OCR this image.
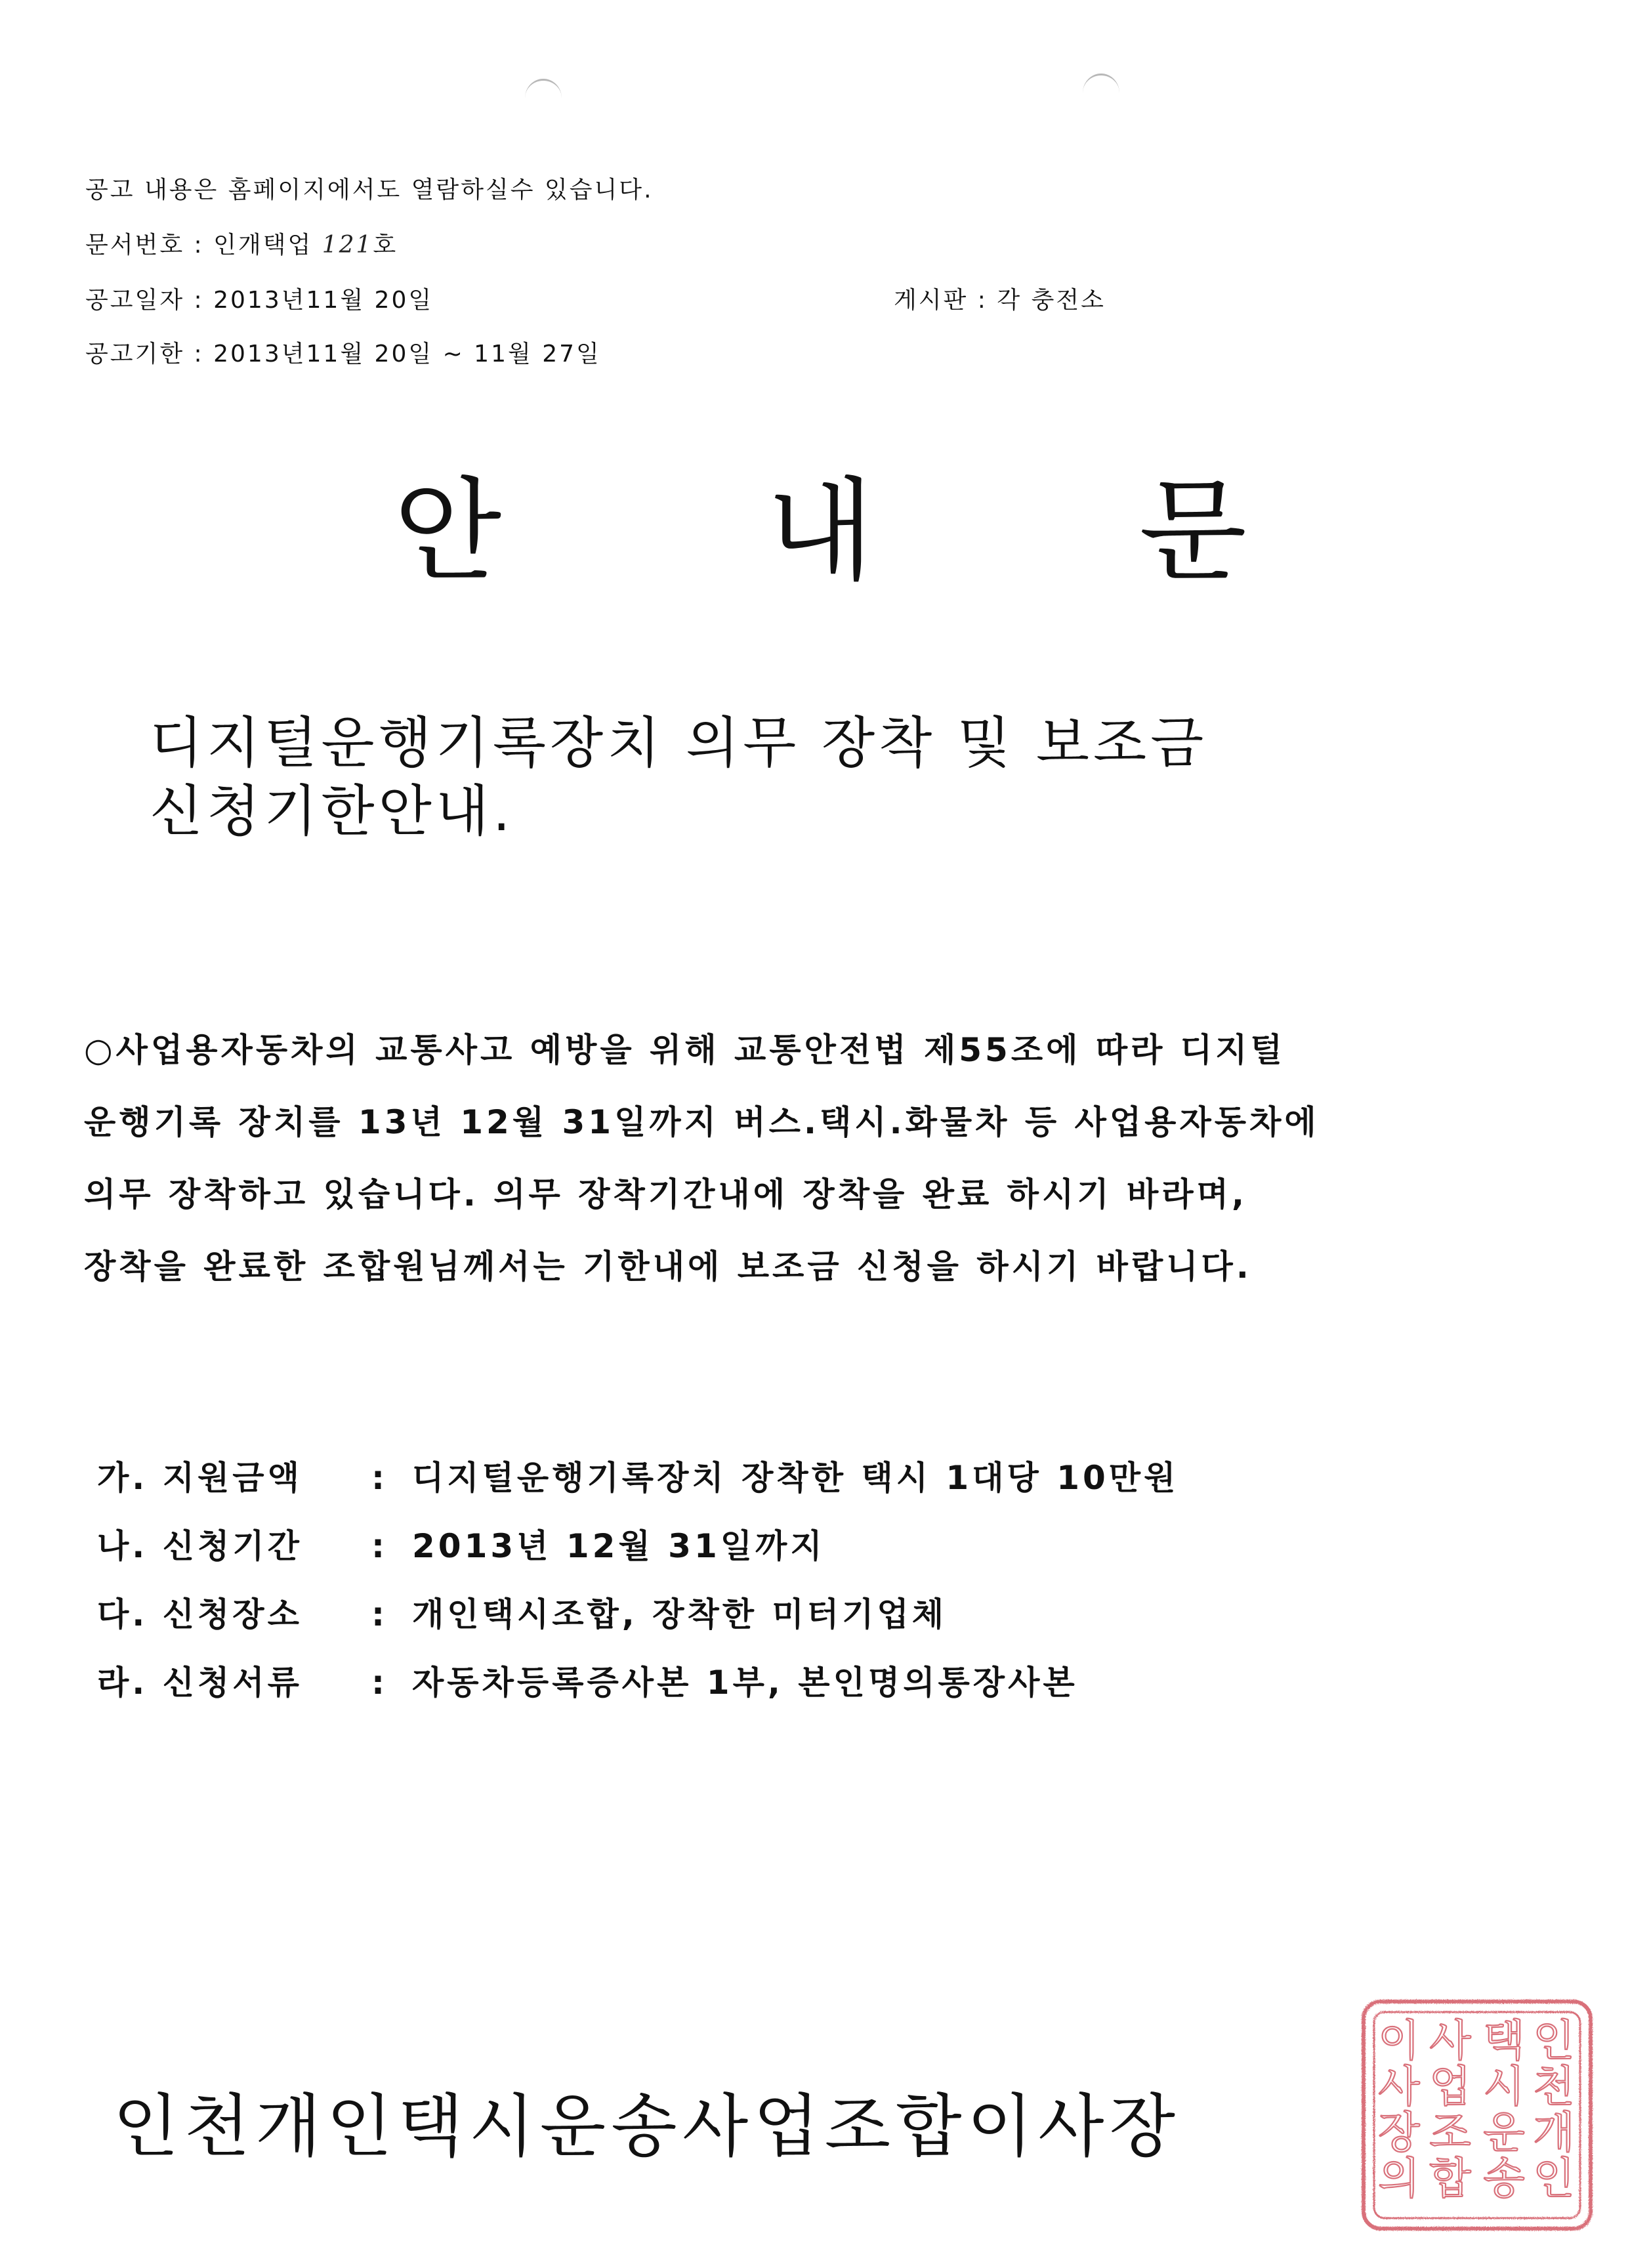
공고 내용은 홈페이지에서도 열람하실수 있습니다.
문서번호 : 인개택업 121호
공고일자 : 2013년11월 20일	게시판 : 각 충전소
공고기한 : 2013년11월 20일 ~ 11월 27일
안 내 문
디지털운행기록장치 의무 장착 및 보조금
신청기한안내.
○사업용자동차의 교통사고 예방을 위해 교통안전법 제55조에 따라 디지털
운행기록 장치를 13년 12월 31일까지 버스.택시.화물차 등 사업용자동차에
의무 장착하고 있습니다. 의무 장착기간내에 장착을 완료 하시기 바라며,
장착을 완료한 조합원님께서는 기한내에 보조금 신청을 하시기 바랍니다.
가. 지원금액	: 디지털운행기록장치 장착한 택시 1대당 10만원
나. 신청기간	: 2013년 12월 31일까지
다. 신청장소	: 개인택시조합, 장착한 미터기업체
라. 신청서류	: 자동차등록증사본 1부, 본인명의통장사본
인천개인택시운송사업조합이사장
인
천
개
인
택
시
운
송
사
업
조
합
이
사
장
의
